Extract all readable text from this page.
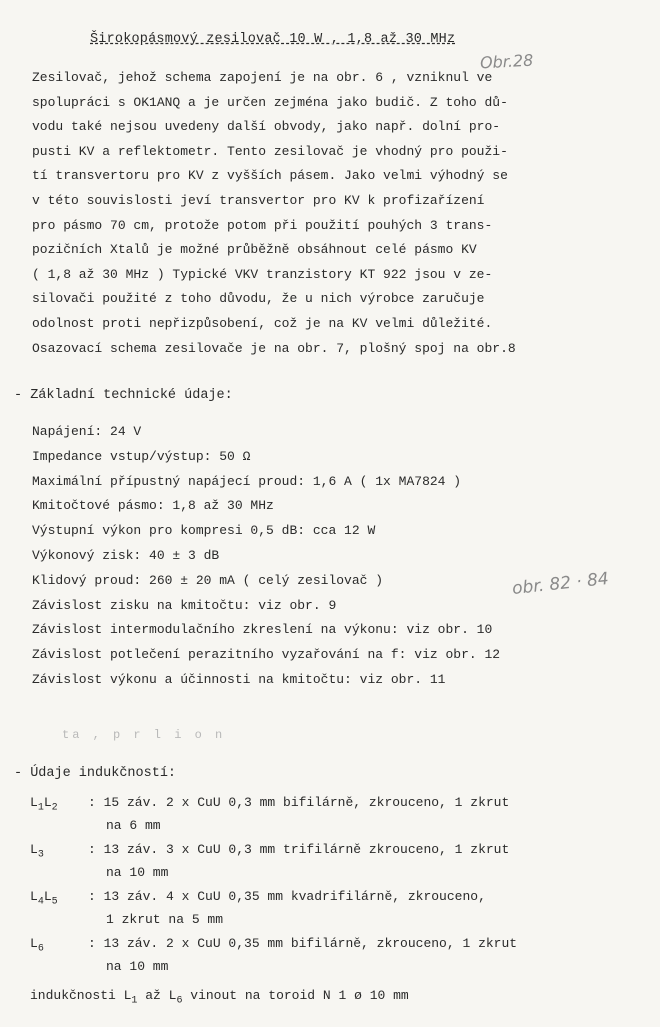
Širokopásmový zesilovač 10 W , 1,8 až 30 MHz
Obr.28
Zesilovač, jehož schema zapojení je na obr. 6 , vzniknul ve
spolupráci s OK1ANQ a je určen zejména jako budič. Z toho dů-
vodu také nejsou uvedeny další obvody, jako např. dolní pro-
pusti KV a reflektometr. Tento zesilovač je vhodný pro použi-
tí transvertoru pro KV z vyšších pásem. Jako velmi výhodný se
v této souvislosti jeví transvertor pro KV k profizařízení
pro pásmo 70 cm, protože potom při použití pouhých 3 trans-
pozičních Xtalů je možné průběžně obsáhnout celé pásmo KV
( 1,8 až 30 MHz ) Typické VKV tranzistory KT 922 jsou v ze-
silovači použité z toho důvodu, že u nich výrobce zaručuje
odolnost proti nepřizpůsobení, což je na KV velmi důležité.
Osazovací schema zesilovače je na obr. 7, plošný spoj na obr.8
- Základní technické údaje:
Napájení: 24 V
Impedance vstup/výstup: 50 Ω
Maximální přípustný napájecí proud: 1,6 A ( 1x MA7824 )
Kmitočtové pásmo: 1,8 až 30 MHz
Výstupní výkon pro kompresi 0,5 dB: cca 12 W
Výkonový zisk: 40 ± 3 dB
Klidový proud: 260 ± 20 mA ( celý zesilovač )
Závislost zisku na kmitočtu: viz obr. 9
Závislost intermodulačního zkreslení na výkonu: viz obr. 10
Závislost potlečení perazitního vyzařování na f: viz obr. 12
Závislost výkonu a účinnosti na kmitočtu: viz obr. 11
obr. 82 · 84
ta , p r l i o n
- Údaje indukčností:
$L_1L_2$	: 15 záv. 2 x CuU 0,3 mm bifilárně, zkrouceno, 1 zkrut
na 6 mm
$L_3$	: 13 záv. 3 x CuU 0,3 mm trifilárně zkrouceno, 1 zkrut
na 10 mm
$L_4L_5$	: 13 záv. 4 x CuU 0,35 mm kvadrifilárně, zkrouceno,
1 zkrut na 5 mm
$L_6$	: 13 záv. 2 x CuU 0,35 mm bifilárně, zkrouceno, 1 zkrut
na 10 mm
indukčnosti $L_1$ až $L_6$ vinout na toroid N 1 ø 10 mm
